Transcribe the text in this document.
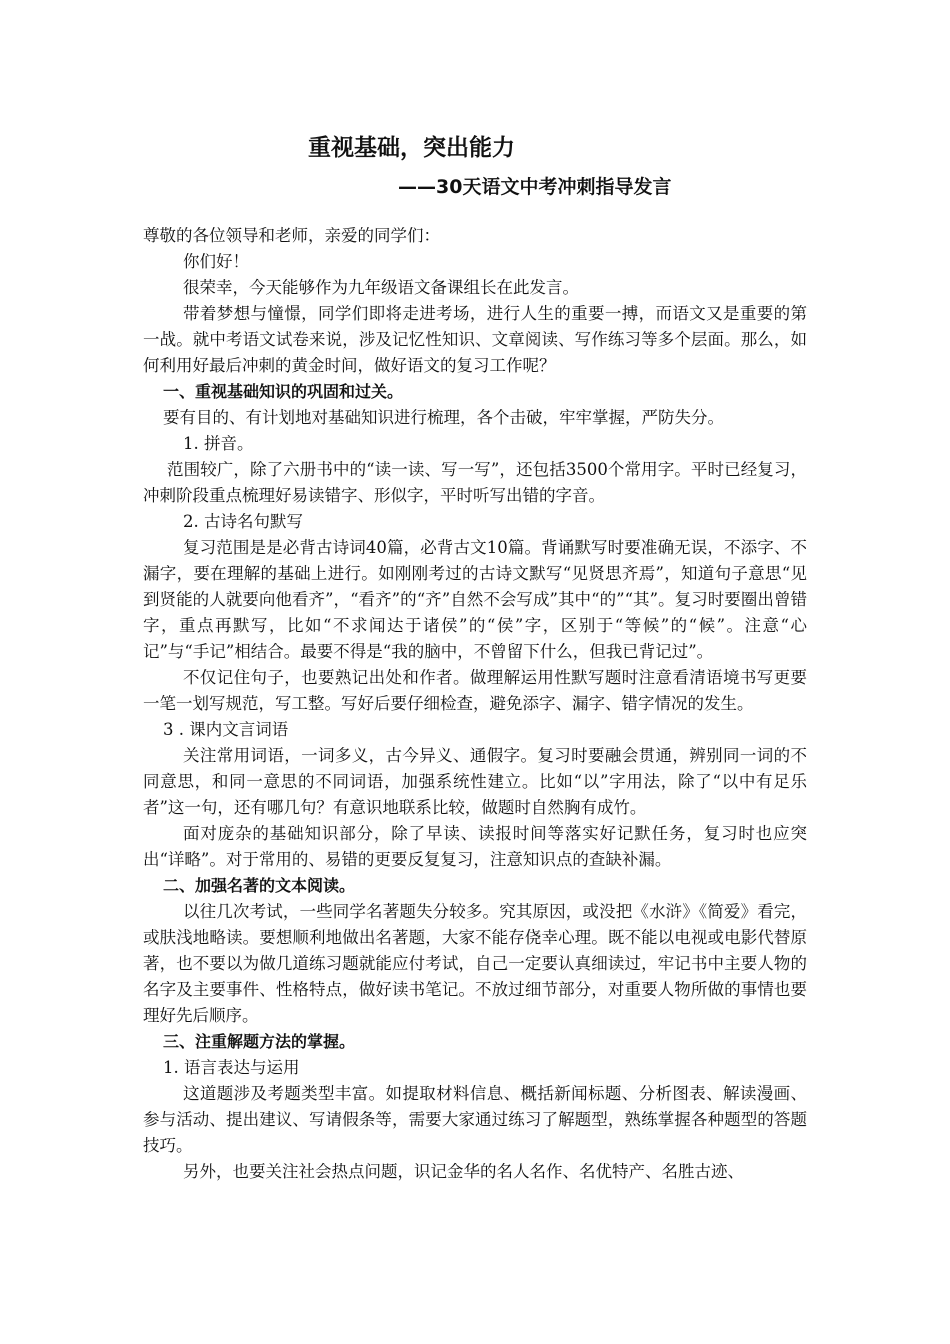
重视基础，突出能力
——30天语文中考冲刺指导发言

尊敬的各位领导和老师，亲爱的同学们：

你们好！

很荣幸，今天能够作为九年级语文备课组长在此发言。

带着梦想与憧憬，同学们即将走进考场，进行人生的重要一搏，而语文又是重要的第一战。就中考语文试卷来说，涉及记忆性知识、文章阅读、写作练习等多个层面。那么，如何利用好最后冲刺的黄金时间，做好语文的复习工作呢？

一、重视基础知识的巩固和过关。

要有目的、有计划地对基础知识进行梳理，各个击破，牢牢掌握，严防失分。

1. 拼音。

范围较广，除了六册书中的“读一读、写一写”，还包括3500个常用字。平时已经复习，冲刺阶段重点梳理好易读错字、形似字，平时听写出错的字音。

2. 古诗名句默写

复习范围是是必背古诗词40篇，必背古文10篇。背诵默写时要准确无误，不添字、不漏字，要在理解的基础上进行。如刚刚考过的古诗文默写“见贤思齐焉”，知道句子意思“见到贤能的人就要向他看齐”，“看齐”的“齐”自然不会写成”其中“的”“其”。复习时要圈出曾错字，重点再默写，比如“不求闻达于诸侯”的“侯”字，区别于“等候”的“候”。注意“心记”与“手记”相结合。最要不得是“我的脑中，不曾留下什么，但我已背记过”。

不仅记住句子，也要熟记出处和作者。做理解运用性默写题时注意看清语境书写更要一笔一划写规范，写工整。写好后要仔细检查，避免添字、漏字、错字情况的发生。

3 . 课内文言词语

关注常用词语，一词多义，古今异义、通假字。复习时要融会贯通，辨别同一词的不同意思，和同一意思的不同词语，加强系统性建立。比如“以”字用法，除了“以中有足乐者”这一句，还有哪几句？有意识地联系比较，做题时自然胸有成竹。

面对庞杂的基础知识部分，除了早读、读报时间等落实好记默任务，复习时也应突出“详略”。对于常用的、易错的更要反复复习，注意知识点的查缺补漏。

二、加强名著的文本阅读。

以往几次考试，一些同学名著题失分较多。究其原因，或没把《水浒》《简爱》看完，或肤浅地略读。要想顺利地做出名著题，大家不能存侥幸心理。既不能以电视或电影代替原著，也不要以为做几道练习题就能应付考试，自己一定要认真细读过，牢记书中主要人物的名字及主要事件、性格特点，做好读书笔记。不放过细节部分，对重要人物所做的事情也要理好先后顺序。

三、注重解题方法的掌握。

1. 语言表达与运用

这道题涉及考题类型丰富。如提取材料信息、概括新闻标题、分析图表、解读漫画、参与活动、提出建议、写请假条等，需要大家通过练习了解题型，熟练掌握各种题型的答题技巧。

另外，也要关注社会热点问题，识记金华的名人名作、名优特产、名胜古迹、
